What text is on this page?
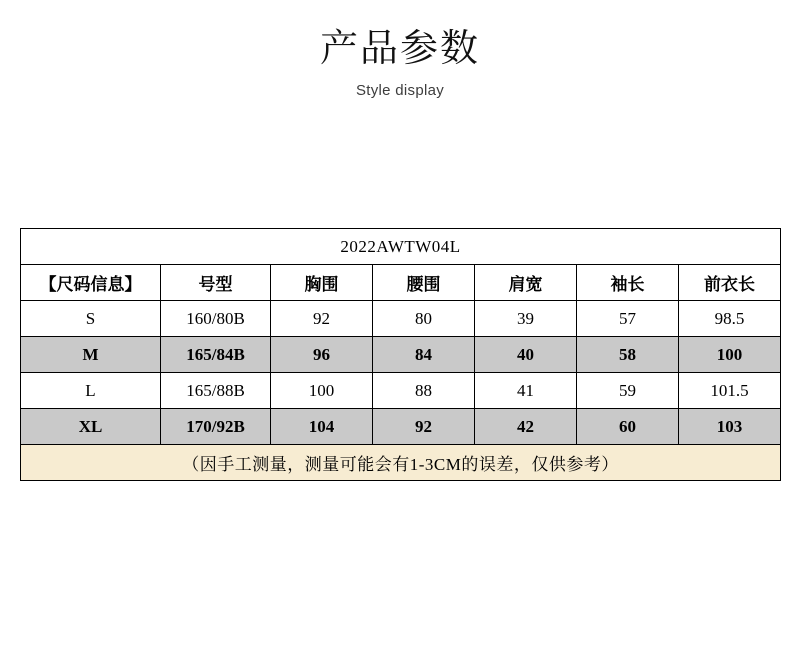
产品参数
Style display
2022AWTW04L						
【尺码信息】	号型	胸围	腰围	肩宽	袖长	前衣长
S	160/80B	92	80	39	57	98.5
M	165/84B	96	84	40	58	100
L	165/88B	100	88	41	59	101.5
XL	170/92B	104	92	42	60	103
（因手工测量，测量可能会有1-3CM的误差，仅供参考）						
